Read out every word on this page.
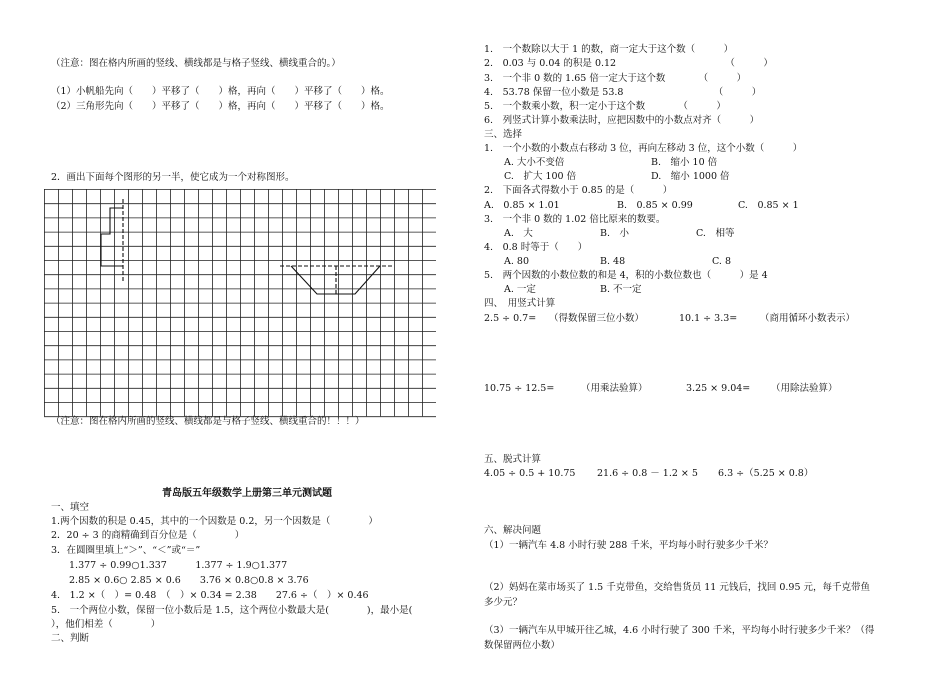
（注意：图在格内所画的竖线、横线都是与格子竖线、横线重合的。）
（1）小帆船先向（　　）平移了（　　）格，再向（　　）平移了（　　）格。
（2）三角形先向（　　）平移了（　　）格，再向（　　）平移了（　　）格。
2．画出下面每个图形的另一半，使它成为一个对称图形。
（注意：图在格内所画的竖线、横线都是与格子竖线、横线重合的！！！）
青岛版五年级数学上册第三单元测试题
一、填空
1.两个因数的积是 0.45，其中的一个因数是 0.2，另一个因数是（　　　　）
2．20 ÷ 3 的商精确到百分位是（　　　　）
3．在圆圈里填上“＞”、“＜”或“＝”
1.377 ÷ 0.99○1.337　　　1.377 ÷ 1.9○1.377
2.85 × 0.6○ 2.85 × 0.6　　3.76 × 0.8○0.8 × 3.76
4.　1.2 ×（　）= 0.48　（　）× 0.34 = 2.38　　27.6 ÷（　）× 0.46
5.　一个两位小数，保留一位小数后是 1.5，这个两位小数最大是(　　　　)，最小是(
），他们相差（　　　　）
二、判断
1.　一个数除以大于 1 的数，商一定大于这个数（　　　）
2.　0.03 与 0.04 的积是 0.12　　　　　　　　　　　　（　　　）
3.　一个非 0 数的 1.65 倍一定大于这个数　　　　（　　　）
4.　53.78 保留一位小数是 53.8　　　　　　　　　　（　　　）
5.　一个数乘小数，积一定小于这个数　　　　（　　　）
6.　列竖式计算小数乘法时，应把因数中的小数点对齐（　　　）
三、选择
1.　一个小数的小数点右移动 3 位，再向左移动 3 位，这个小数（　　　）
A. 大小不变倍	B.　缩小 10 倍
C.　扩大 100 倍	D.　缩小 1000 倍
2.　下面各式得数小于 0.85 的是（　　　）
A.　0.85 × 1.01	B.　0.85 × 0.99	C.　0.85 × 1
3.　一个非 0 数的 1.02 倍比原来的数要。
A.　大	B.　小	C.　相等
4.　0.8 时等于（　　）
A. 80	B. 48	C. 8
5.　两个因数的小数位数的和是 4，积的小数位数也（　　　）是 4
A. 一定	B. 不一定
四、　用竖式计算
2.5 ÷ 0.7= （得数保留三位小数）	10.1 ÷ 3.3= （商用循环小数表示）
10.75 ÷ 12.5=	（用乘法验算）	3.25 × 9.04= （用除法验算）
五、脱式计算
4.05 ÷ 0.5 + 10.75 21.6 ÷ 0.8 － 1.2 × 5 6.3 ÷（5.25 × 0.8）
六、解决问题
（1）一辆汽车 4.8 小时行驶 288 千米，平均每小时行驶多少千米？
（2）妈妈在菜市场买了 1.5 千克带鱼，交给售货员 11 元钱后，找回 0.95 元，每千克带鱼
多少元？
（3）一辆汽车从甲城开往乙城，4.6 小时行驶了 300 千米，平均每小时行驶多少千米？（得
数保留两位小数）
